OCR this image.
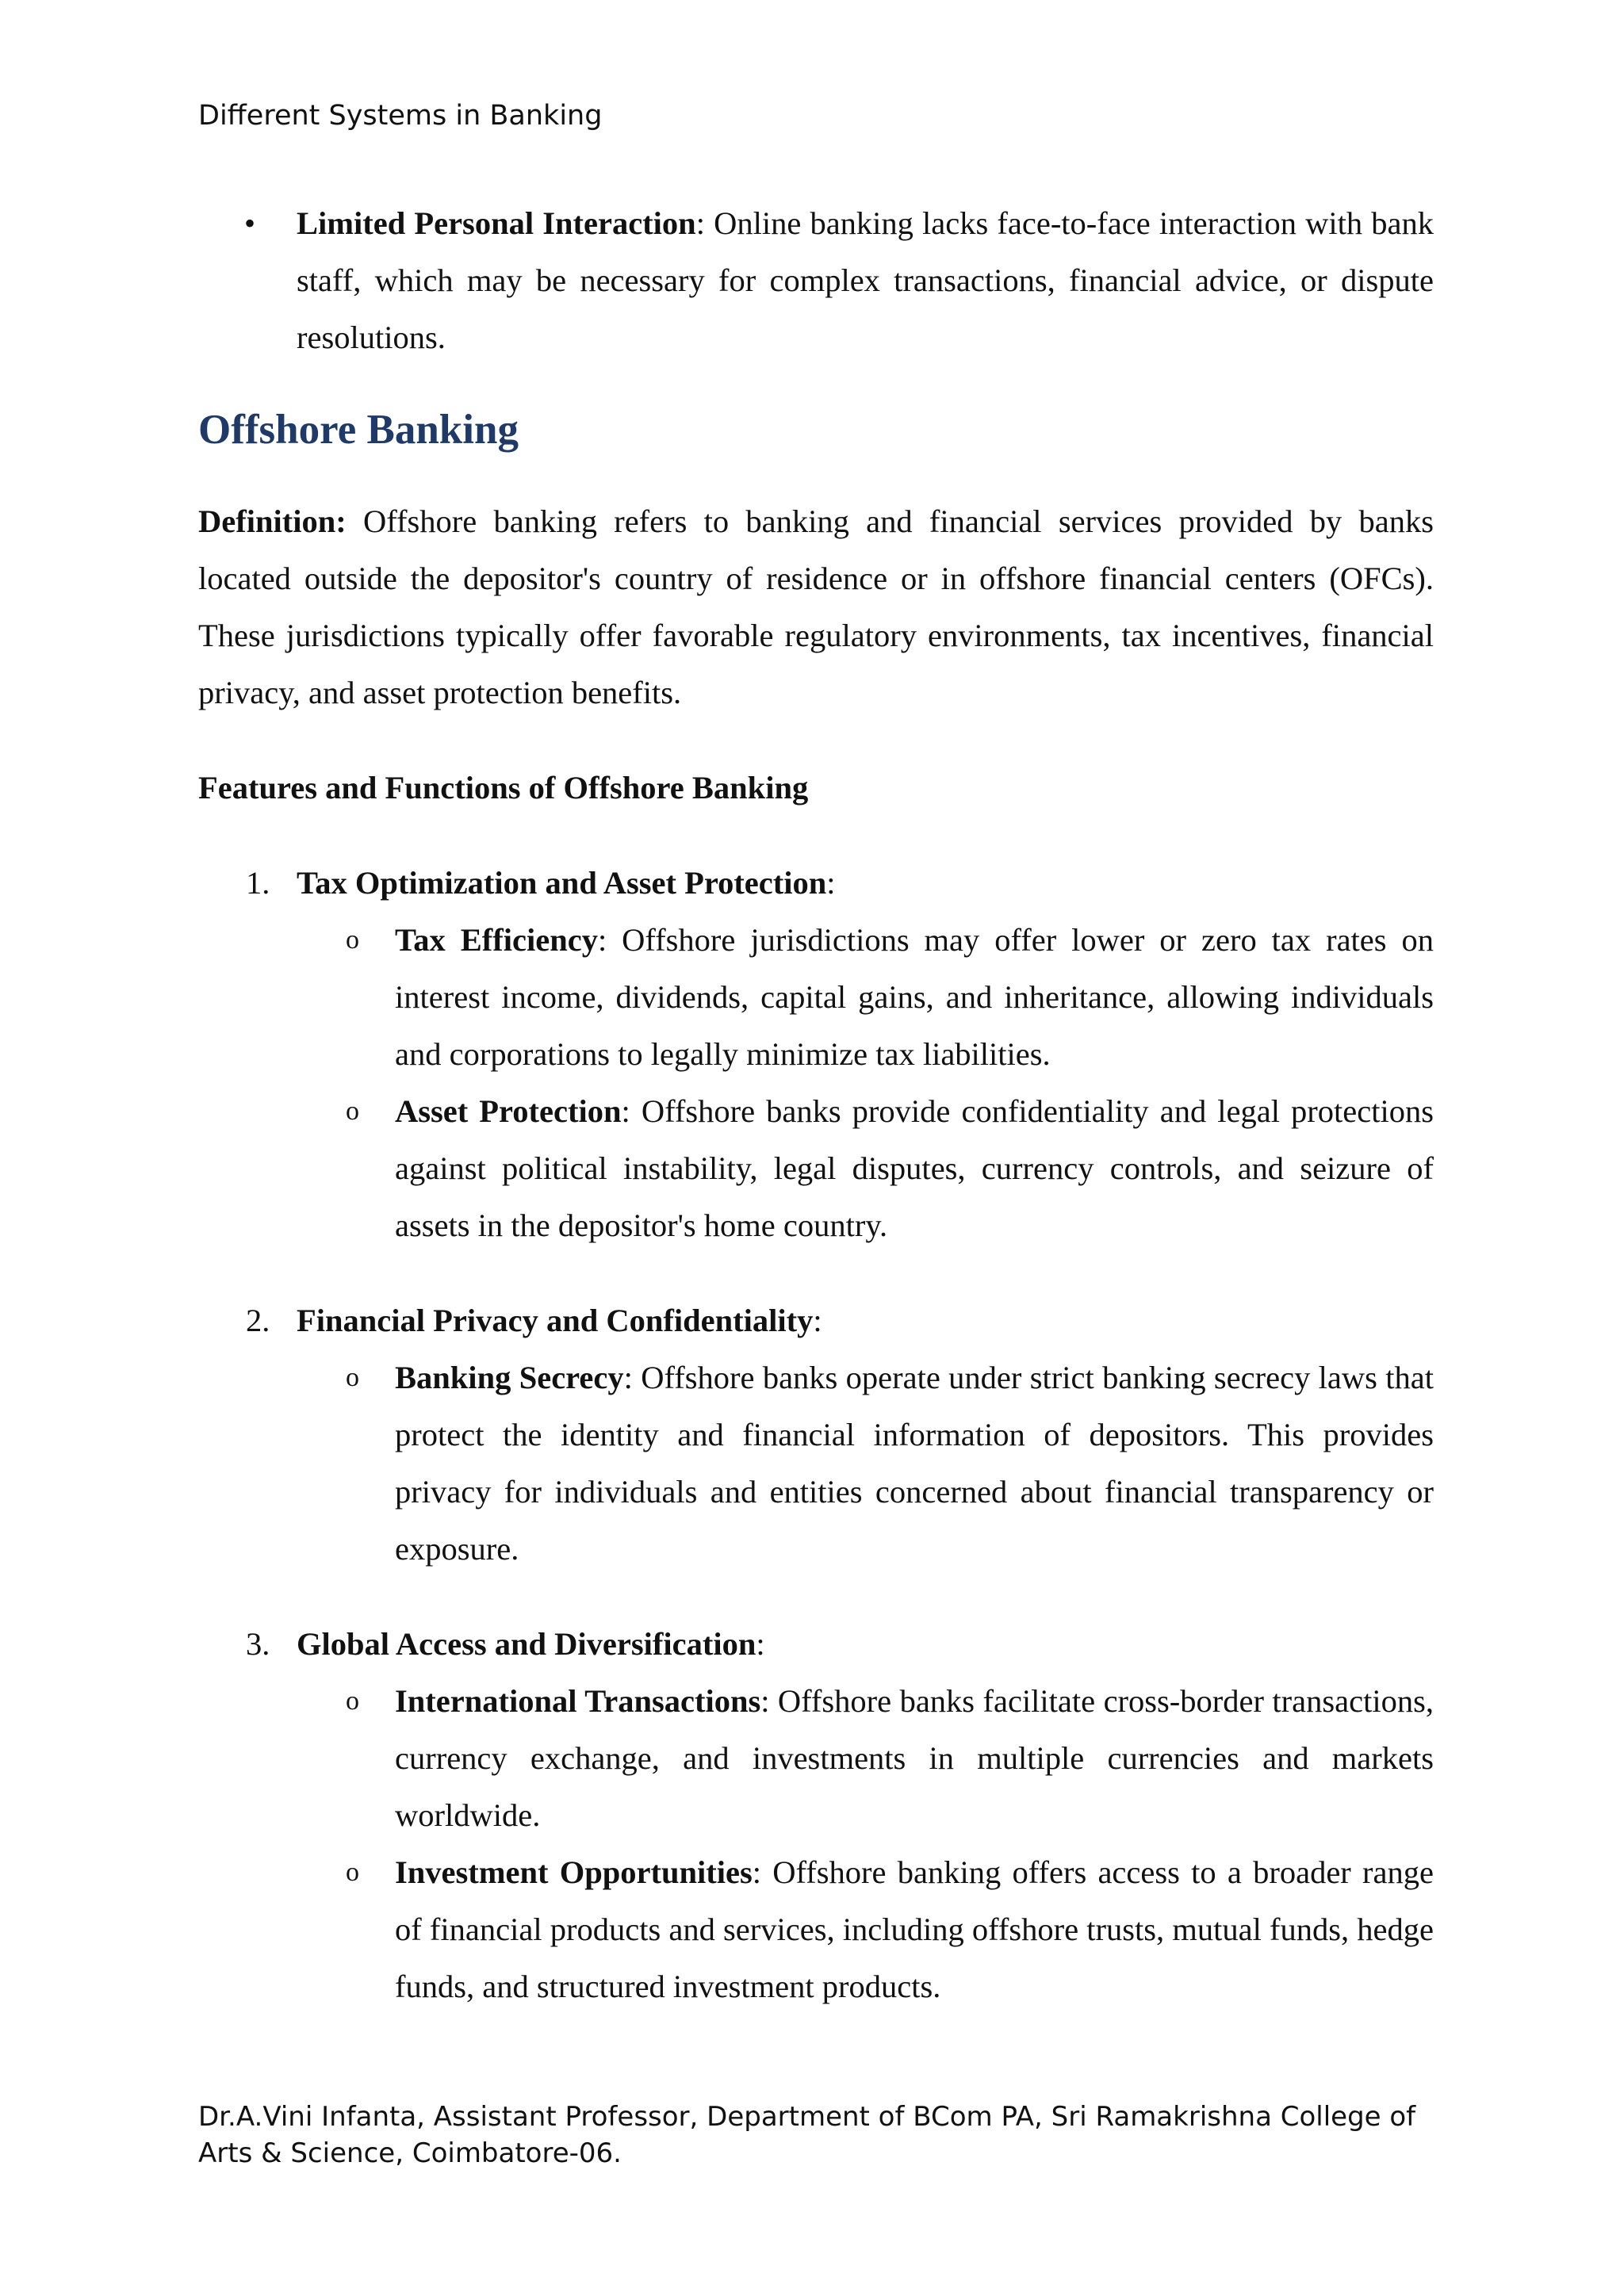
Different Systems in Banking

• Limited Personal Interaction: Online banking lacks face-to-face interaction with bank staff, which may be necessary for complex transactions, financial advice, or dispute resolutions.

Offshore Banking

Definition: Offshore banking refers to banking and financial services provided by banks located outside the depositor's country of residence or in offshore financial centers (OFCs). These jurisdictions typically offer favorable regulatory environments, tax incentives, financial privacy, and asset protection benefits.

Features and Functions of Offshore Banking

1. Tax Optimization and Asset Protection:

o Tax Efficiency: Offshore jurisdictions may offer lower or zero tax rates on interest income, dividends, capital gains, and inheritance, allowing individuals and corporations to legally minimize tax liabilities.

o Asset Protection: Offshore banks provide confidentiality and legal protections against political instability, legal disputes, currency controls, and seizure of assets in the depositor's home country.

2. Financial Privacy and Confidentiality:

o Banking Secrecy: Offshore banks operate under strict banking secrecy laws that protect the identity and financial information of depositors. This provides privacy for individuals and entities concerned about financial transparency or exposure.

3. Global Access and Diversification:

o International Transactions: Offshore banks facilitate cross-border transactions, currency exchange, and investments in multiple currencies and markets worldwide.

o Investment Opportunities: Offshore banking offers access to a broader range of financial products and services, including offshore trusts, mutual funds, hedge funds, and structured investment products.

Dr.A.Vini Infanta, Assistant Professor, Department of BCom PA, Sri Ramakrishna College of Arts & Science, Coimbatore-06.
